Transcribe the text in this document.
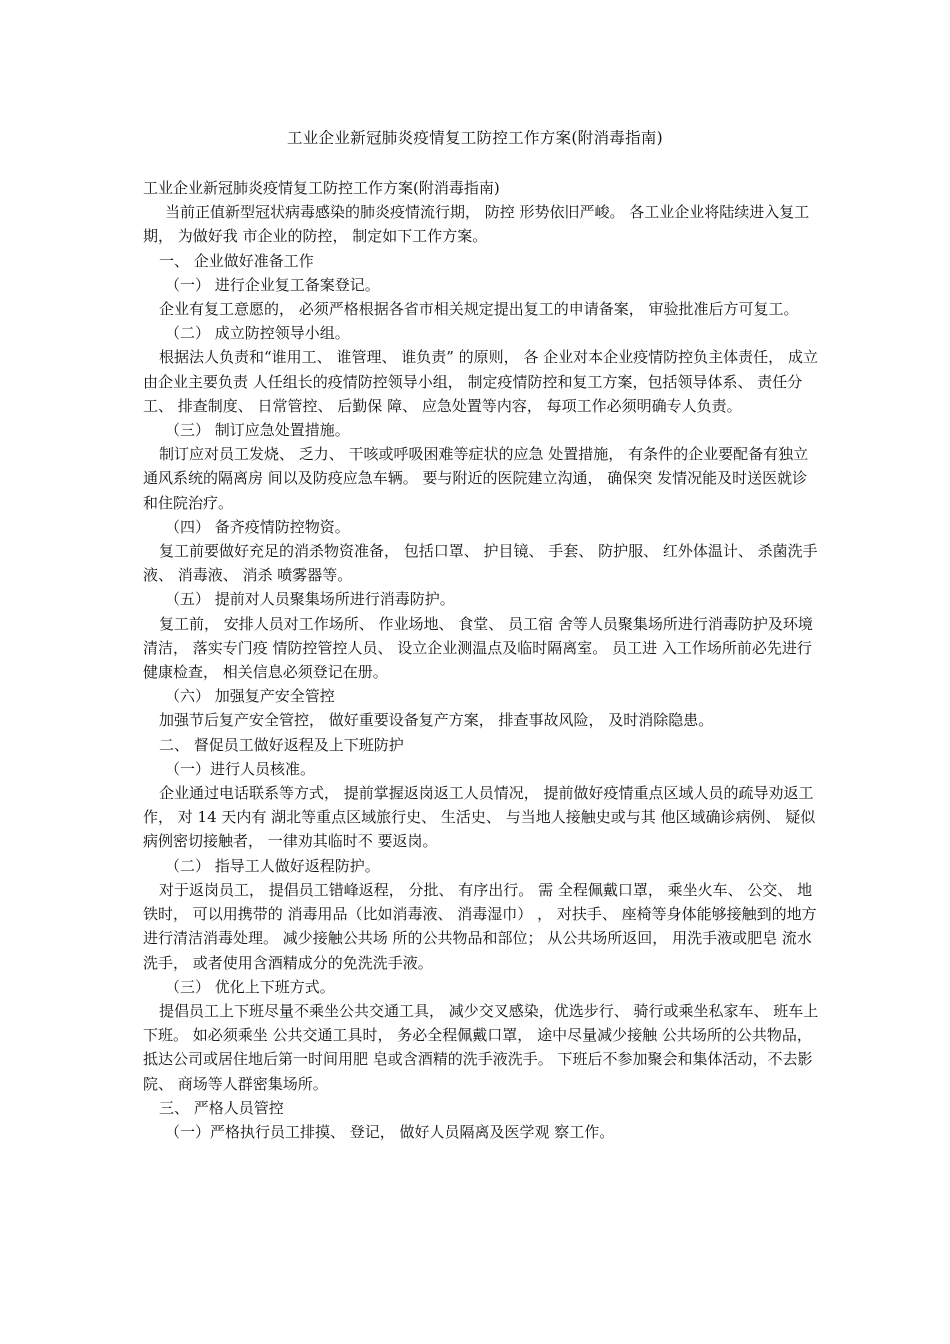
工业企业新冠肺炎疫情复工防控工作方案(附消毒指南)

工业企业新冠肺炎疫情复工防控工作方案(附消毒指南)

当前正值新型冠状病毒感染的肺炎疫情流行期， 防控 形势依旧严峻。 各工业企业将陆续进入复工期， 为做好我 市企业的防控， 制定如下工作方案。

一、 企业做好准备工作

（一） 进行企业复工备案登记。

企业有复工意愿的， 必须严格根据各省市相关规定提出复工的申请备案， 审验批准后方可复工。

（二） 成立防控领导小组。

根据法人负责和“谁用工、 谁管理、 谁负责” 的原则， 各 企业对本企业疫情防控负主体责任， 成立由企业主要负责 人任组长的疫情防控领导小组， 制定疫情防控和复工方案，包括领导体系、 责任分工、 排查制度、 日常管控、 后勤保 障、 应急处置等内容， 每项工作必须明确专人负责。

（三） 制订应急处置措施。

制订应对员工发烧、 乏力、 干咳或呼吸困难等症状的应急 处置措施， 有条件的企业要配备有独立通风系统的隔离房 间以及防疫应急车辆。 要与附近的医院建立沟通， 确保突 发情况能及时送医就诊和住院治疗。

（四） 备齐疫情防控物资。

复工前要做好充足的消杀物资准备， 包括口罩、 护目镜、 手套、 防护服、 红外体温计、 杀菌洗手液、 消毒液、 消杀 喷雾器等。

（五） 提前对人员聚集场所进行消毒防护。

复工前， 安排人员对工作场所、 作业场地、 食堂、 员工宿 舍等人员聚集场所进行消毒防护及环境清洁， 落实专门疫 情防控管控人员、 设立企业测温点及临时隔离室。 员工进 入工作场所前必先进行健康检查， 相关信息必须登记在册。

（六） 加强复产安全管控

加强节后复产安全管控， 做好重要设备复产方案， 排查事故风险， 及时消除隐患。

二、 督促员工做好返程及上下班防护

（一）进行人员核准。

企业通过电话联系等方式， 提前掌握返岗返工人员情况， 提前做好疫情重点区域人员的疏导劝返工作， 对 14 天内有 湖北等重点区域旅行史、 生活史、 与当地人接触史或与其 他区域确诊病例、 疑似病例密切接触者， 一律劝其临时不 要返岗。

（二） 指导工人做好返程防护。

对于返岗员工， 提倡员工错峰返程， 分批、 有序出行。 需 全程佩戴口罩， 乘坐火车、 公交、 地铁时， 可以用携带的 消毒用品（比如消毒液、 消毒湿巾） ， 对扶手、 座椅等身体能够接触到的地方进行清洁消毒处理。 减少接触公共场 所的公共物品和部位； 从公共场所返回， 用洗手液或肥皂 流水洗手， 或者使用含酒精成分的免洗洗手液。

（三） 优化上下班方式。

提倡员工上下班尽量不乘坐公共交通工具， 减少交叉感染，优选步行、 骑行或乘坐私家车、 班车上下班。 如必须乘坐 公共交通工具时， 务必全程佩戴口罩， 途中尽量减少接触 公共场所的公共物品， 抵达公司或居住地后第一时间用肥 皂或含酒精的洗手液洗手。 下班后不参加聚会和集体活动，不去影院、 商场等人群密集场所。

三、 严格人员管控

（一）严格执行员工排摸、 登记， 做好人员隔离及医学观 察工作。
